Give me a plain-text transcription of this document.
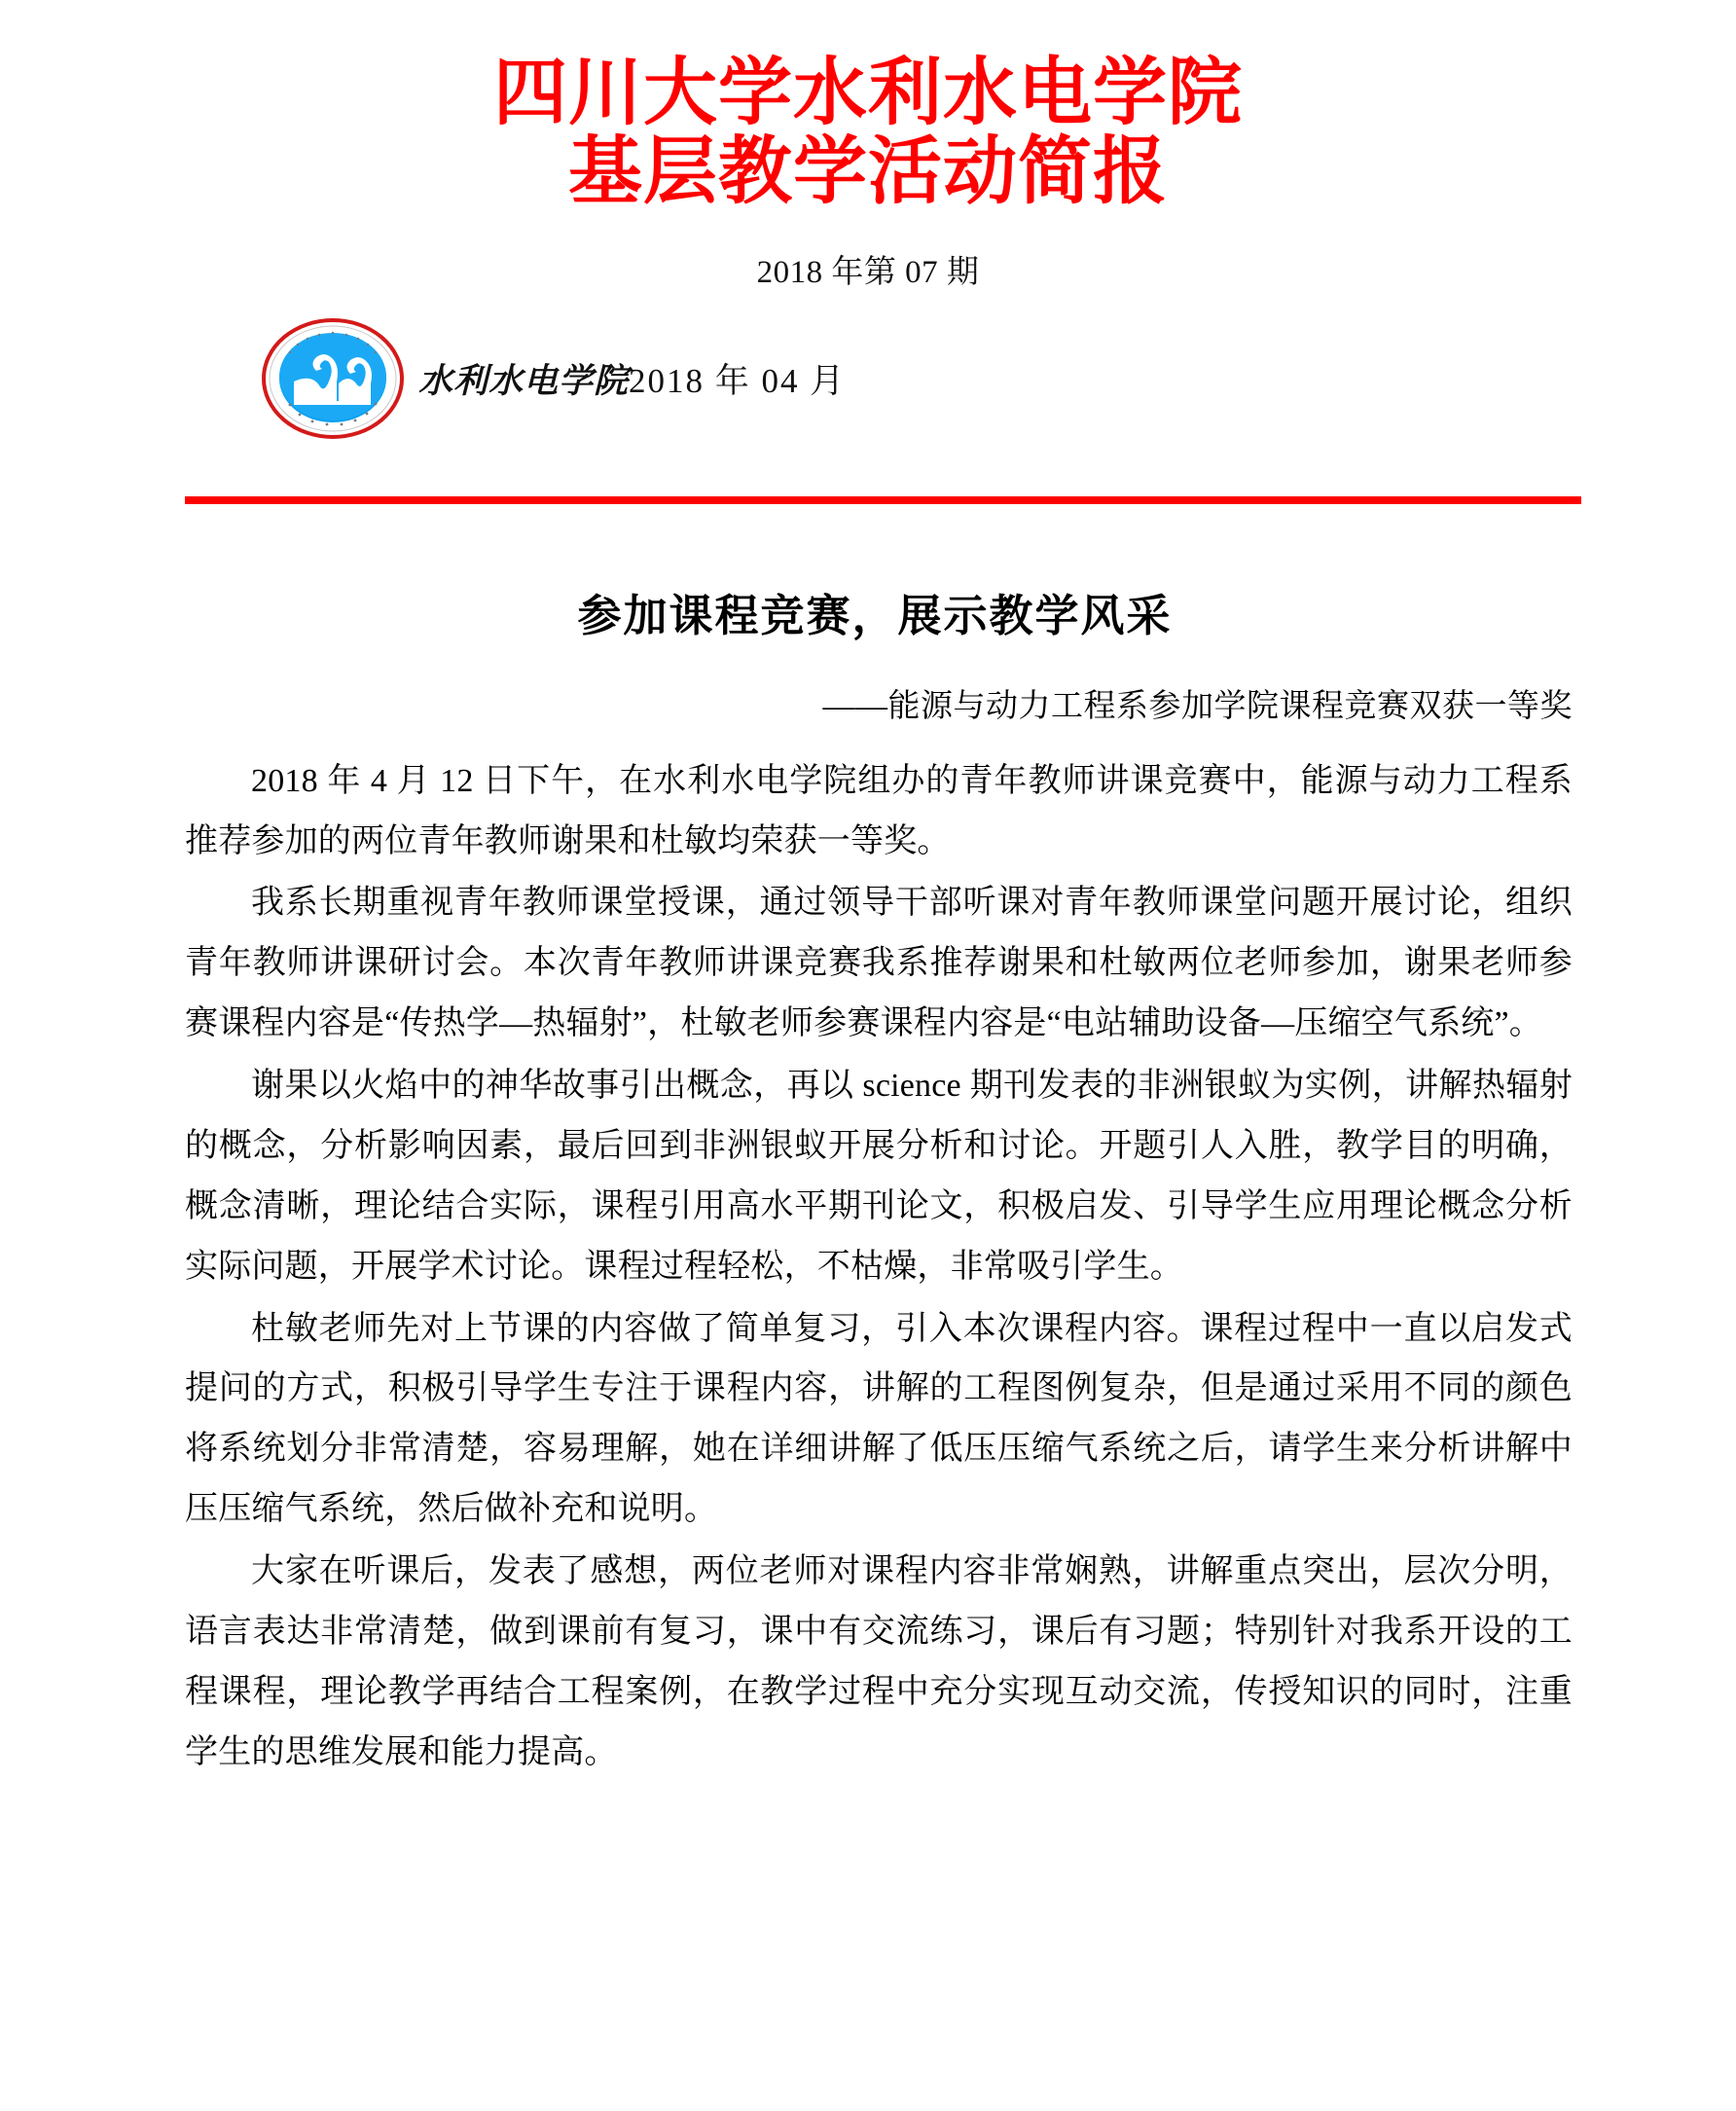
四川大学水利水电学院
基层教学活动简报
2018 年第 07 期
水利水电学院2018 年 04 月
参加课程竞赛，展示教学风采
——能源与动力工程系参加学院课程竞赛双获一等奖

2018 年 4 月 12 日下午，在水利水电学院组办的青年教师讲课竞赛中，能源与动力工程系推荐参加的两位青年教师谢果和杜敏均荣获一等奖。

我系长期重视青年教师课堂授课，通过领导干部听课对青年教师课堂问题开展讨论，组织青年教师讲课研讨会。本次青年教师讲课竞赛我系推荐谢果和杜敏两位老师参加，谢果老师参赛课程内容是“传热学—热辐射”，杜敏老师参赛课程内容是“电站辅助设备—压缩空气系统”。

谢果以火焰中的神华故事引出概念，再以 science 期刊发表的非洲银蚁为实例，讲解热辐射的概念，分析影响因素，最后回到非洲银蚁开展分析和讨论。开题引人入胜，教学目的明确，概念清晰，理论结合实际，课程引用高水平期刊论文，积极启发、引导学生应用理论概念分析实际问题，开展学术讨论。课程过程轻松，不枯燥，非常吸引学生。

杜敏老师先对上节课的内容做了简单复习，引入本次课程内容。课程过程中一直以启发式提问的方式，积极引导学生专注于课程内容，讲解的工程图例复杂，但是通过采用不同的颜色将系统划分非常清楚，容易理解，她在详细讲解了低压压缩气系统之后，请学生来分析讲解中压压缩气系统，然后做补充和说明。

大家在听课后，发表了感想，两位老师对课程内容非常娴熟，讲解重点突出，层次分明，语言表达非常清楚，做到课前有复习，课中有交流练习，课后有习题；特别针对我系开设的工程课程，理论教学再结合工程案例，在教学过程中充分实现互动交流，传授知识的同时，注重学生的思维发展和能力提高。
